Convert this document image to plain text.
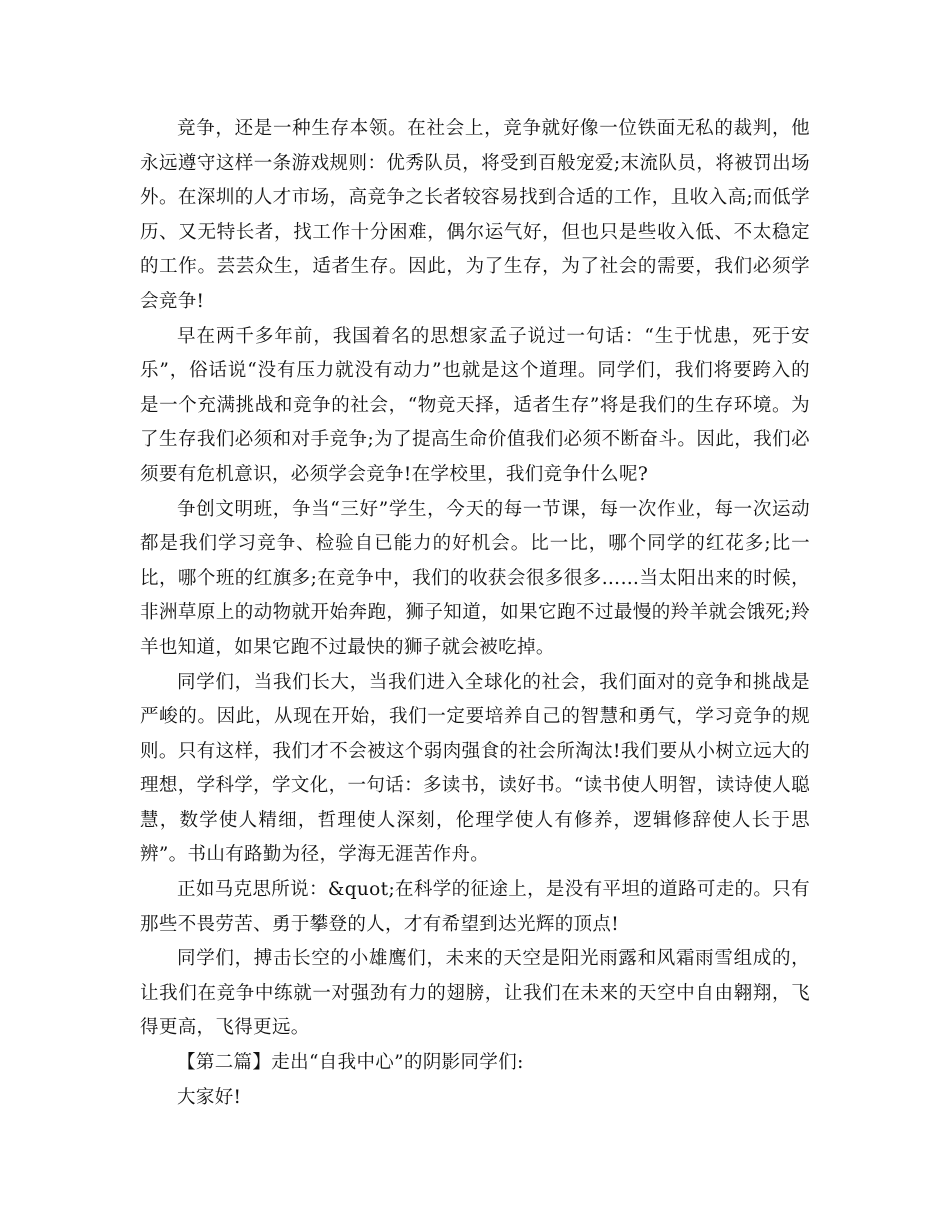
竞争，还是一种生存本领。在社会上，竞争就好像一位铁面无私的裁判，他永远遵守这样一条游戏规则：优秀队员，将受到百般宠爱;末流队员，将被罚出场外。在深圳的人才市场，高竞争之长者较容易找到合适的工作，且收入高;而低学历、又无特长者，找工作十分困难，偶尔运气好，但也只是些收入低、不太稳定的工作。芸芸众生，适者生存。因此，为了生存，为了社会的需要，我们必须学会竞争!

早在两千多年前，我国着名的思想家孟子说过一句话：“生于忧患，死于安乐”，俗话说“没有压力就没有动力”也就是这个道理。同学们，我们将要跨入的是一个充满挑战和竞争的社会，“物竞天择，适者生存”将是我们的生存环境。为了生存我们必须和对手竞争;为了提高生命价值我们必须不断奋斗。因此，我们必须要有危机意识，必须学会竞争!在学校里，我们竞争什么呢?

争创文明班，争当“三好”学生，今天的每一节课，每一次作业，每一次运动都是我们学习竞争、检验自已能力的好机会。比一比，哪个同学的红花多;比一比，哪个班的红旗多;在竞争中，我们的收获会很多很多……当太阳出来的时候，非洲草原上的动物就开始奔跑，狮子知道，如果它跑不过最慢的羚羊就会饿死;羚羊也知道，如果它跑不过最快的狮子就会被吃掉。

同学们，当我们长大，当我们进入全球化的社会，我们面对的竞争和挑战是严峻的。因此，从现在开始，我们一定要培养自己的智慧和勇气，学习竞争的规则。只有这样，我们才不会被这个弱肉强食的社会所淘汰!我们要从小树立远大的理想，学科学，学文化，一句话：多读书，读好书。“读书使人明智，读诗使人聪慧，数学使人精细，哲理使人深刻，伦理学使人有修养，逻辑修辞使人长于思辨”。书山有路勤为径，学海无涯苦作舟。

正如马克思所说：&quot;在科学的征途上，是没有平坦的道路可走的。只有那些不畏劳苦、勇于攀登的人，才有希望到达光辉的顶点!

同学们，搏击长空的小雄鹰们，未来的天空是阳光雨露和风霜雨雪组成的，让我们在竞争中练就一对强劲有力的翅膀，让我们在未来的天空中自由翱翔，飞得更高，飞得更远。

【第二篇】走出“自我中心”的阴影同学们:

大家好!
